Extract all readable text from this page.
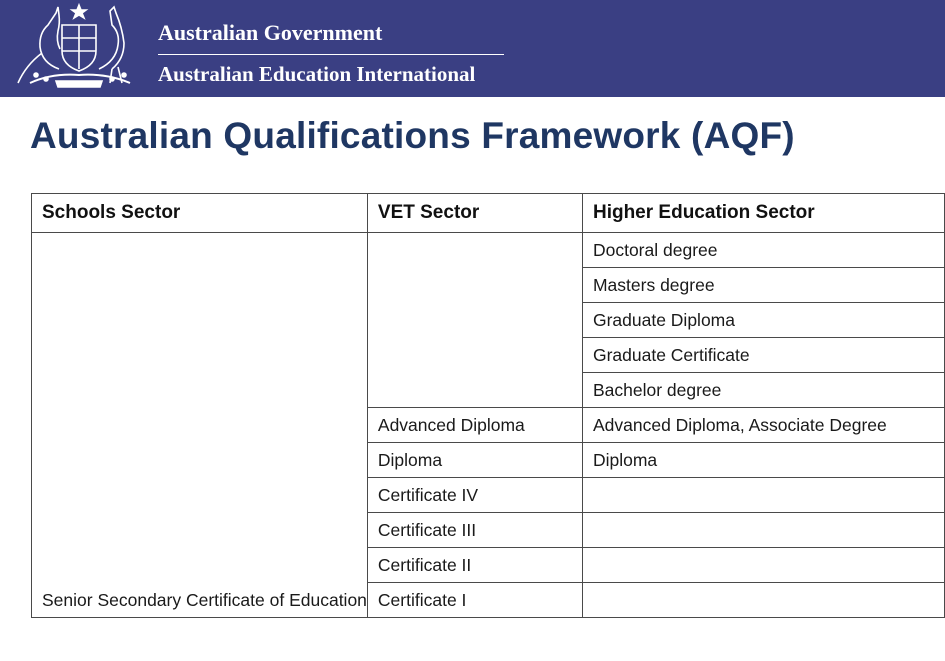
Australian Government
Australian Education International
Australian Qualifications Framework (AQF)
Schools Sector	VET Sector	Higher Education Sector
Senior Secondary Certificate of Education		Doctoral degree
		Masters degree
		Graduate Diploma
		Graduate Certificate
		Bachelor degree
	Advanced Diploma	Advanced Diploma, Associate Degree
	Diploma	Diploma
	Certificate IV	
	Certificate III	
	Certificate II	
	Certificate I	
